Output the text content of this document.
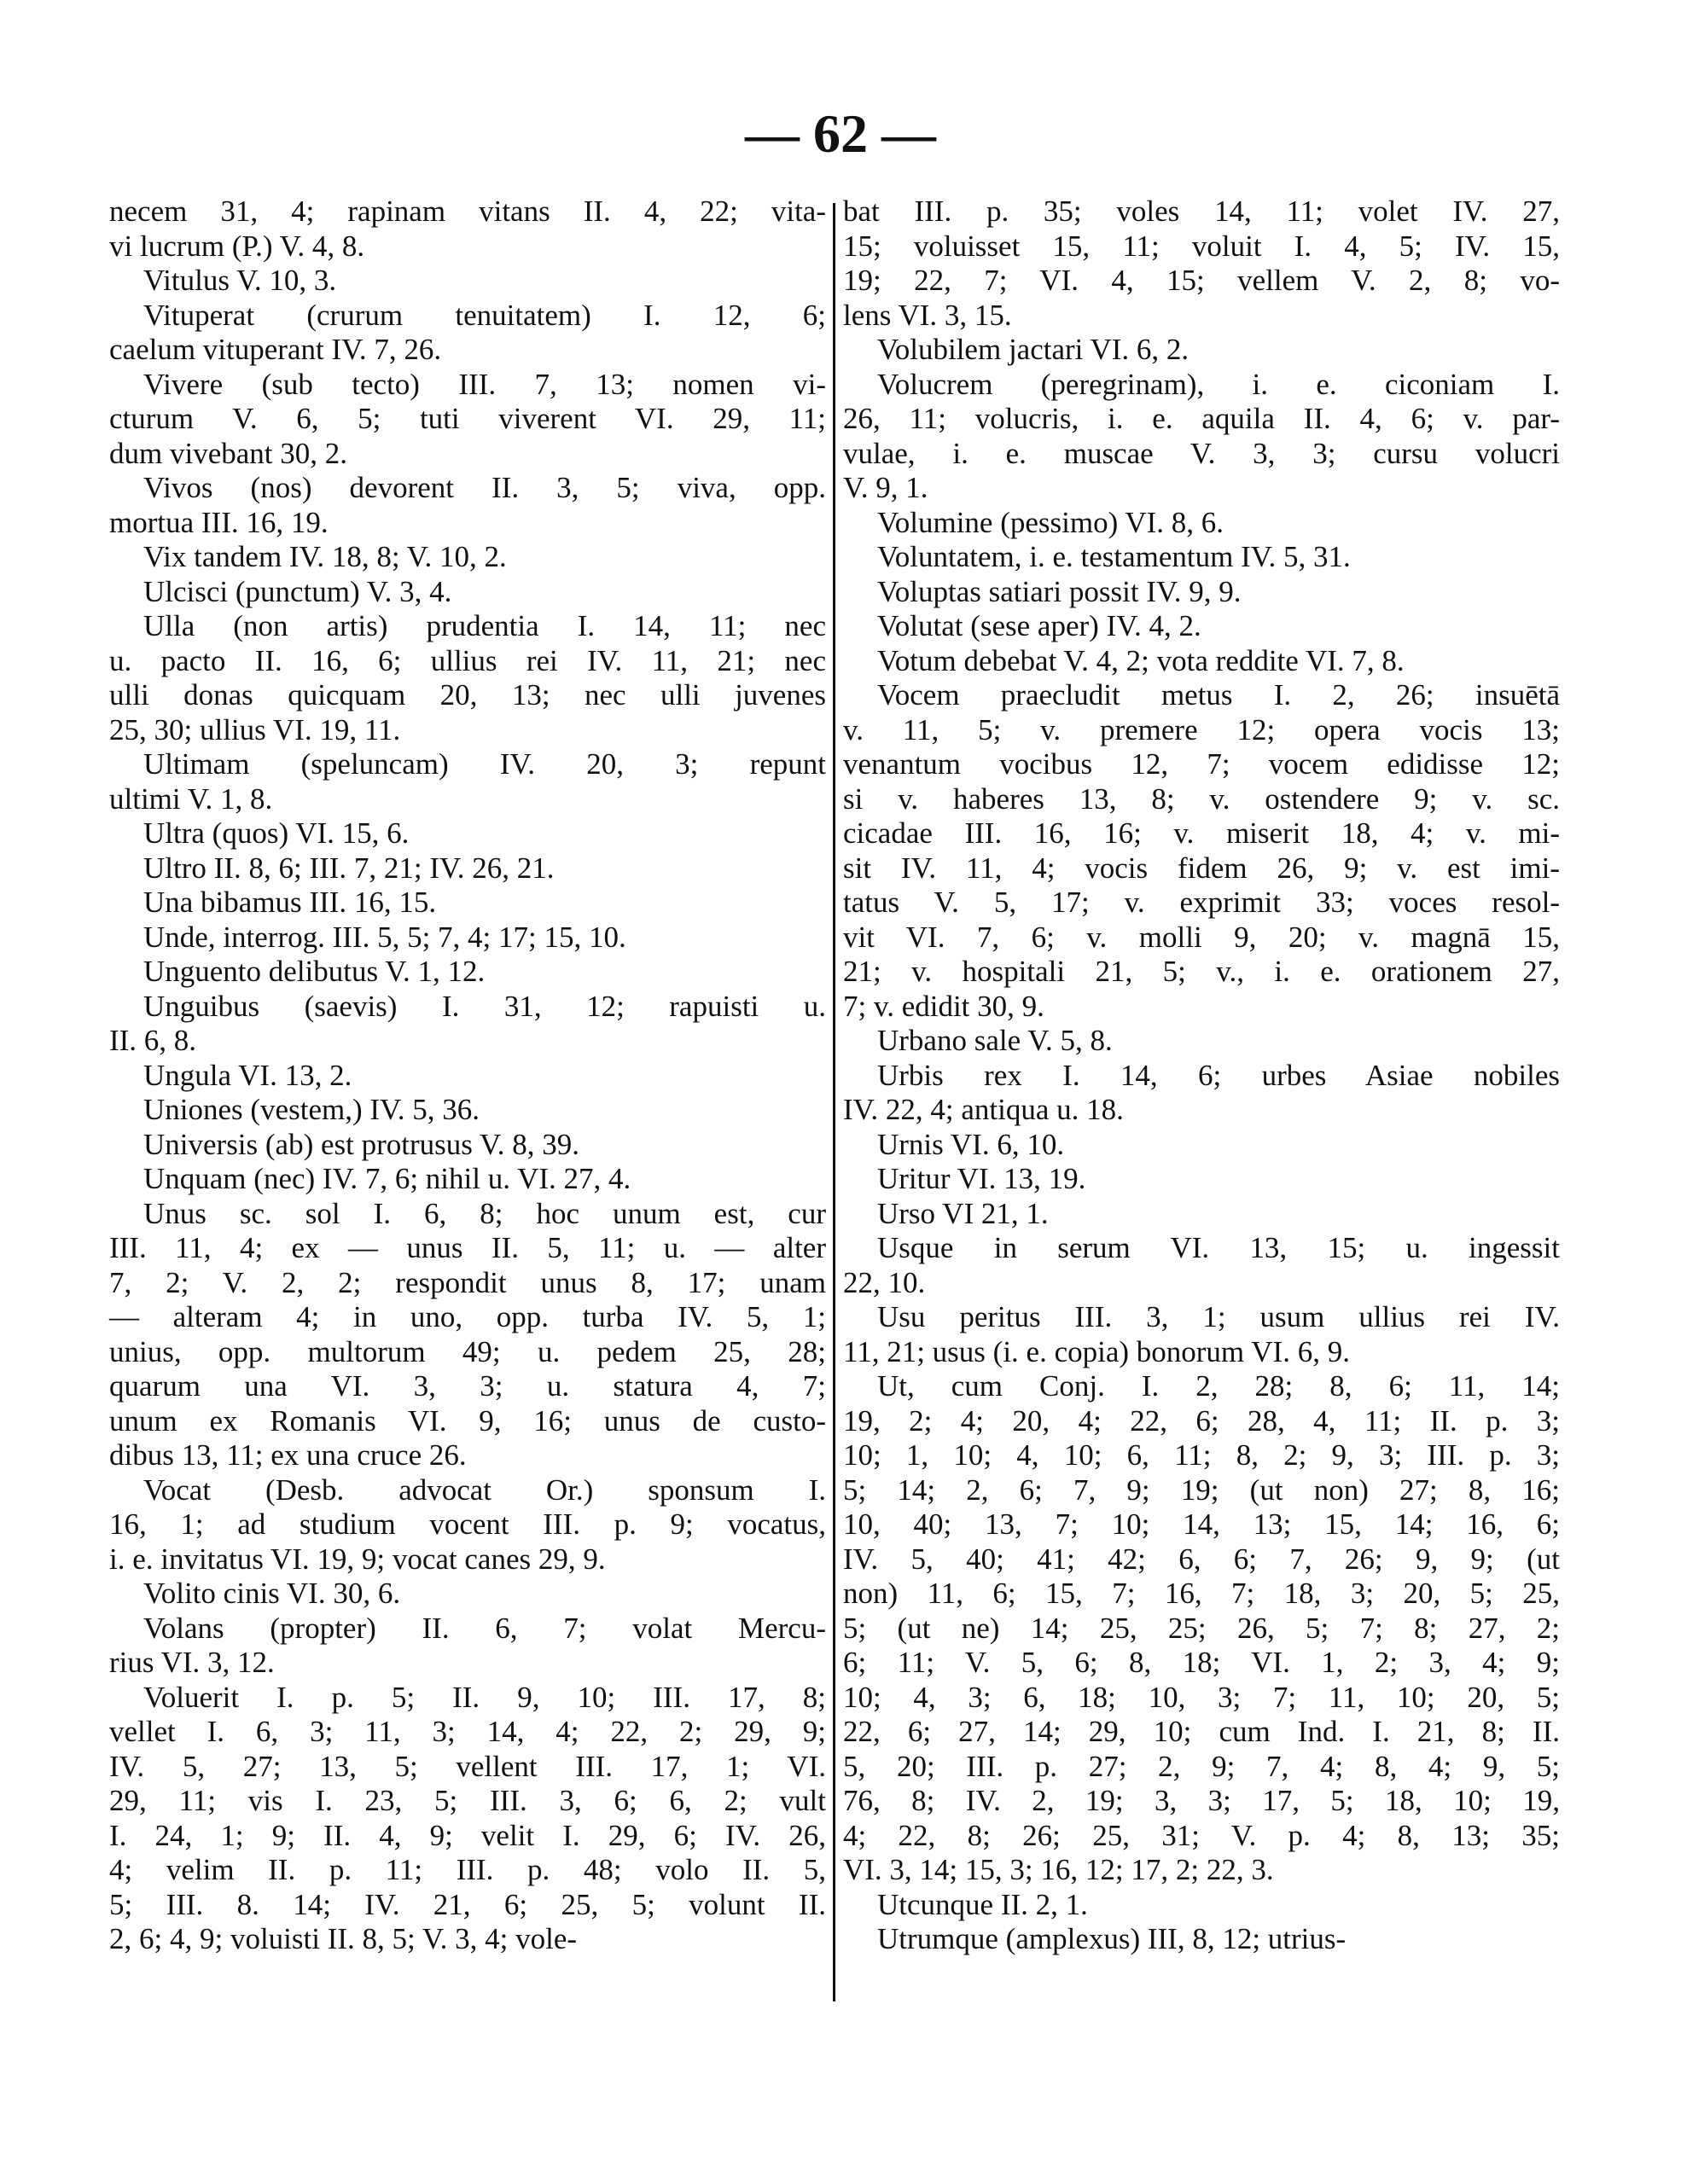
— 62 —
necem 31, 4; rapinam vitans II. 4, 22; vita-
vi lucrum (P.) V. 4, 8.
Vitulus V. 10, 3.
Vituperat (crurum tenuitatem) I. 12, 6;
caelum vituperant IV. 7, 26.
Vivere (sub tecto) III. 7, 13; nomen vi-
cturum V. 6, 5; tuti viverent VI. 29, 11;
dum vivebant 30, 2.
Vivos (nos) devorent II. 3, 5; viva, opp.
mortua III. 16, 19.
Vix tandem IV. 18, 8; V. 10, 2.
Ulcisci (punctum) V. 3, 4.
Ulla (non artis) prudentia I. 14, 11; nec
u. pacto II. 16, 6; ullius rei IV. 11, 21; nec
ulli donas quicquam 20, 13; nec ulli juvenes
25, 30; ullius VI. 19, 11.
Ultimam (speluncam) IV. 20, 3; repunt
ultimi V. 1, 8.
Ultra (quos) VI. 15, 6.
Ultro II. 8, 6; III. 7, 21; IV. 26, 21.
Una bibamus III. 16, 15.
Unde, interrog. III. 5, 5; 7, 4; 17; 15, 10.
Unguento delibutus V. 1, 12.
Unguibus (saevis) I. 31, 12; rapuisti u.
II. 6, 8.
Ungula VI. 13, 2.
Uniones (vestem,) IV. 5, 36.
Universis (ab) est protrusus V. 8, 39.
Unquam (nec) IV. 7, 6; nihil u. VI. 27, 4.
Unus sc. sol I. 6, 8; hoc unum est, cur
III. 11, 4; ex — unus II. 5, 11; u. — alter
7, 2; V. 2, 2; respondit unus 8, 17; unam
— alteram 4; in uno, opp. turba IV. 5, 1;
unius, opp. multorum 49; u. pedem 25, 28;
quarum una VI. 3, 3; u. statura 4, 7;
unum ex Romanis VI. 9, 16; unus de custo-
dibus 13, 11; ex una cruce 26.
Vocat (Desb. advocat Or.) sponsum I.
16, 1; ad studium vocent III. p. 9; vocatus,
i. e. invitatus VI. 19, 9; vocat canes 29, 9.
Volito cinis VI. 30, 6.
Volans (propter) II. 6, 7; volat Mercu-
rius VI. 3, 12.
Voluerit I. p. 5; II. 9, 10; III. 17, 8;
vellet I. 6, 3; 11, 3; 14, 4; 22, 2; 29, 9;
IV. 5, 27; 13, 5; vellent III. 17, 1; VI.
29, 11; vis I. 23, 5; III. 3, 6; 6, 2; vult
I. 24, 1; 9; II. 4, 9; velit I. 29, 6; IV. 26,
4; velim II. p. 11; III. p. 48; volo II. 5,
5; III. 8. 14; IV. 21, 6; 25, 5; volunt II.
2, 6; 4, 9; voluisti II. 8, 5; V. 3, 4; vole-
bat III. p. 35; voles 14, 11; volet IV. 27,
15; voluisset 15, 11; voluit I. 4, 5; IV. 15,
19; 22, 7; VI. 4, 15; vellem V. 2, 8; vo-
lens VI. 3, 15.
Volubilem jactari VI. 6, 2.
Volucrem (peregrinam), i. e. ciconiam I.
26, 11; volucris, i. e. aquila II. 4, 6; v. par-
vulae, i. e. muscae V. 3, 3; cursu volucri
V. 9, 1.
Volumine (pessimo) VI. 8, 6.
Voluntatem, i. e. testamentum IV. 5, 31.
Voluptas satiari possit IV. 9, 9.
Volutat (sese aper) IV. 4, 2.
Votum debebat V. 4, 2; vota reddite VI. 7, 8.
Vocem praecludit metus I. 2, 26; insuētā
v. 11, 5; v. premere 12; opera vocis 13;
venantum vocibus 12, 7; vocem edidisse 12;
si v. haberes 13, 8; v. ostendere 9; v. sc.
cicadae III. 16, 16; v. miserit 18, 4; v. mi-
sit IV. 11, 4; vocis fidem 26, 9; v. est imi-
tatus V. 5, 17; v. exprimit 33; voces resol-
vit VI. 7, 6; v. molli 9, 20; v. magnā 15,
21; v. hospitali 21, 5; v., i. e. orationem 27,
7; v. edidit 30, 9.
Urbano sale V. 5, 8.
Urbis rex I. 14, 6; urbes Asiae nobiles
IV. 22, 4; antiqua u. 18.
Urnis VI. 6, 10.
Uritur VI. 13, 19.
Urso VI 21, 1.
Usque in serum VI. 13, 15; u. ingessit
22, 10.
Usu peritus III. 3, 1; usum ullius rei IV.
11, 21; usus (i. e. copia) bonorum VI. 6, 9.
Ut, cum Conj. I. 2, 28; 8, 6; 11, 14;
19, 2; 4; 20, 4; 22, 6; 28, 4, 11; II. p. 3;
10; 1, 10; 4, 10; 6, 11; 8, 2; 9, 3; III. p. 3;
5; 14; 2, 6; 7, 9; 19; (ut non) 27; 8, 16;
10, 40; 13, 7; 10; 14, 13; 15, 14; 16, 6;
IV. 5, 40; 41; 42; 6, 6; 7, 26; 9, 9; (ut
non) 11, 6; 15, 7; 16, 7; 18, 3; 20, 5; 25,
5; (ut ne) 14; 25, 25; 26, 5; 7; 8; 27, 2;
6; 11; V. 5, 6; 8, 18; VI. 1, 2; 3, 4; 9;
10; 4, 3; 6, 18; 10, 3; 7; 11, 10; 20, 5;
22, 6; 27, 14; 29, 10; cum Ind. I. 21, 8; II.
5, 20; III. p. 27; 2, 9; 7, 4; 8, 4; 9, 5;
76, 8; IV. 2, 19; 3, 3; 17, 5; 18, 10; 19,
4; 22, 8; 26; 25, 31; V. p. 4; 8, 13; 35;
VI. 3, 14; 15, 3; 16, 12; 17, 2; 22, 3.
Utcunque II. 2, 1.
Utrumque (amplexus) III, 8, 12; utrius-
